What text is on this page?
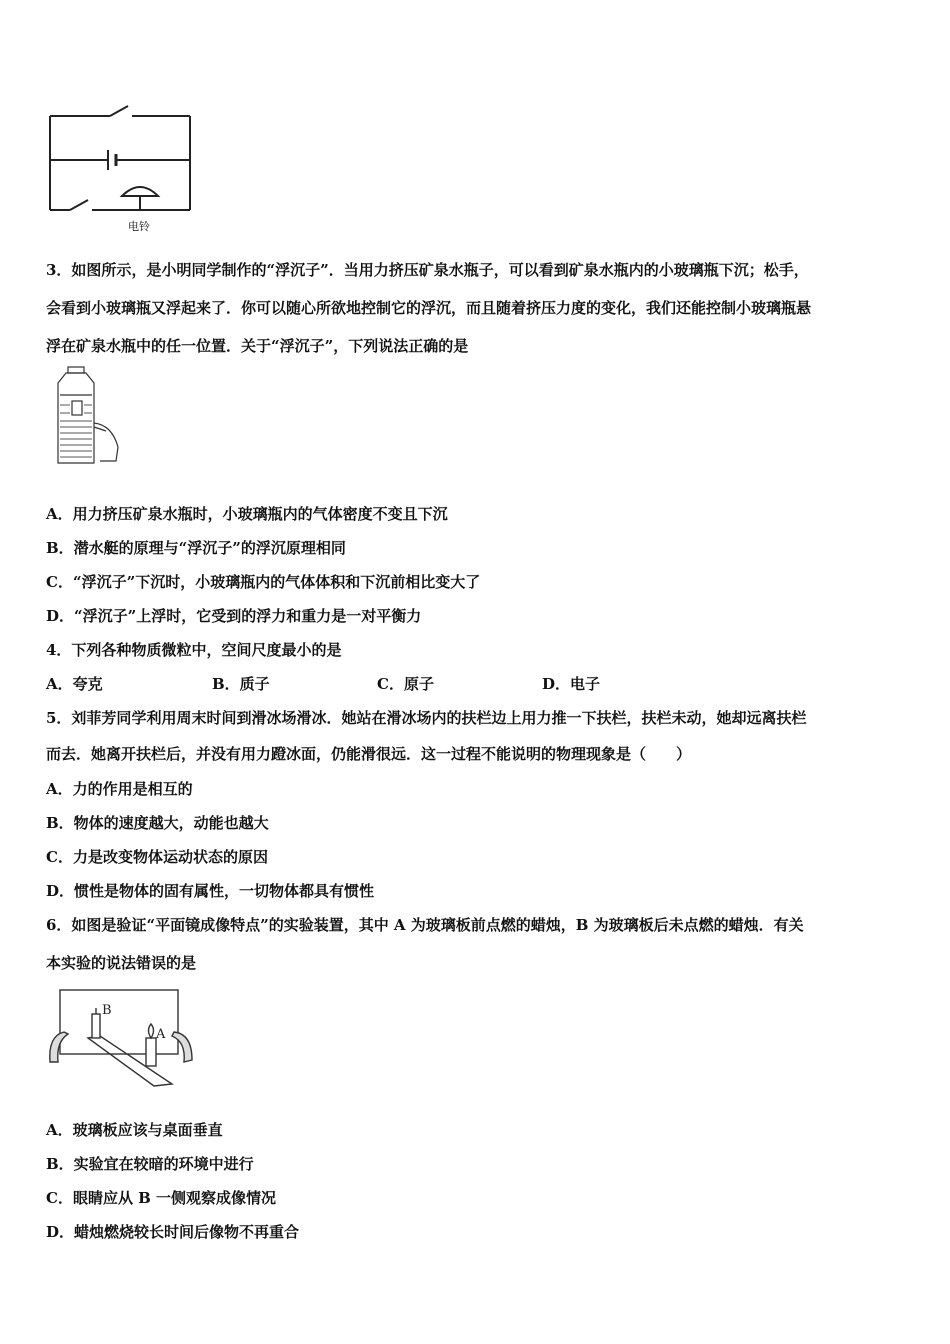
电铃
3．如图所示，是小明同学制作的“浮沉子”．当用力挤压矿泉水瓶子，可以看到矿泉水瓶内的小玻璃瓶下沉；松手，
会看到小玻璃瓶又浮起来了．你可以随心所欲地控制它的浮沉，而且随着挤压力度的变化，我们还能控制小玻璃瓶悬
浮在矿泉水瓶中的任一位置．关于“浮沉子”，下列说法正确的是
A．用力挤压矿泉水瓶时，小玻璃瓶内的气体密度不变且下沉
B．潜水艇的原理与“浮沉子”的浮沉原理相同
C．“浮沉子”下沉时，小玻璃瓶内的气体体积和下沉前相比变大了
D．“浮沉子”上浮时，它受到的浮力和重力是一对平衡力
4．下列各种物质微粒中，空间尺度最小的是
A．夸克	B．质子	C．原子	D．电子
5．刘菲芳同学利用周末时间到滑冰场滑冰．她站在滑冰场内的扶栏边上用力推一下扶栏，扶栏未动，她却远离扶栏
而去．她离开扶栏后，并没有用力蹬冰面，仍能滑很远．这一过程不能说明的物理现象是（　　）
A．力的作用是相互的
B．物体的速度越大，动能也越大
C．力是改变物体运动状态的原因
D．惯性是物体的固有属性，一切物体都具有惯性
6．如图是验证“平面镜成像特点”的实验装置，其中 A 为玻璃板前点燃的蜡烛，B 为玻璃板后未点燃的蜡烛．有关
本实验的说法错误的是
B
A
A．玻璃板应该与桌面垂直
B．实验宜在较暗的环境中进行
C．眼睛应从 B 一侧观察成像情况
D．蜡烛燃烧较长时间后像物不再重合
